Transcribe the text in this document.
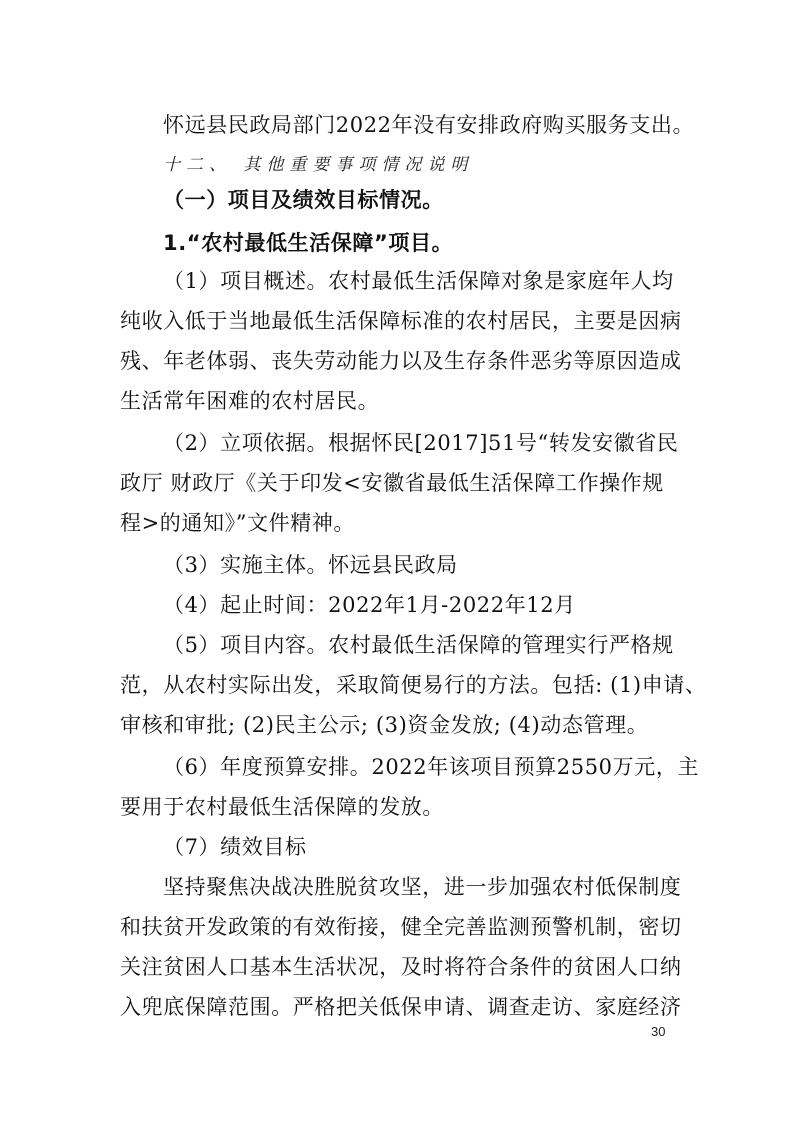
怀远县民政局部门2022年没有安排政府购买服务支出。
十二、 其他重要事项情况说明
（一）项目及绩效目标情况。
1.“农村最低生活保障”项目。
（1）项目概述。农村最低生活保障对象是家庭年人均
纯收入低于当地最低生活保障标准的农村居民，主要是因病
残、年老体弱、丧失劳动能力以及生存条件恶劣等原因造成
生活常年困难的农村居民。
（2）立项依据。根据怀民[2017]51号“转发安徽省民
政厅 财政厅《关于印发<安徽省最低生活保障工作操作规
程>的通知》”文件精神。
（3）实施主体。怀远县民政局
（4）起止时间：2022年1月-2022年12月
（5）项目内容。农村最低生活保障的管理实行严格规
范，从农村实际出发，采取简便易行的方法。包括: (1)申请、
审核和审批; (2)民主公示; (3)资金发放; (4)动态管理。
（6）年度预算安排。2022年该项目预算2550万元，主
要用于农村最低生活保障的发放。
（7）绩效目标
坚持聚焦决战决胜脱贫攻坚，进一步加强农村低保制度
和扶贫开发政策的有效衔接，健全完善监测预警机制，密切
关注贫困人口基本生活状况，及时将符合条件的贫困人口纳
入兜底保障范围。严格把关低保申请、调查走访、家庭经济
30
